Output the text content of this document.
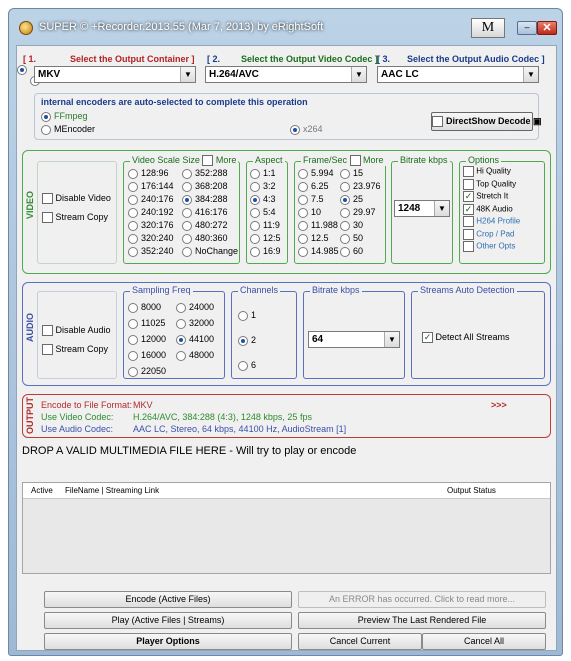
SUPER © +Recorder.2013.55 (Mar 7, 2013) by eRightSoft	M	–	✕
[ 1.	Select the Output Container ] [ 2. Select the Output Video Codec ] [ 3. Select the Output Audio Codec ]

MKV	▼	H.264/AVC	▼	AAC LC	▼
internal encoders are auto-selected to complete this operation
FFmpeg
MEncoder	x264
DirectShow Decode ▣
VIDEO	Disable Video
Stream Copy
Video Scale Size More
128:96	352:288
176:144	368:208
240:176	384:288
240:192	416:176
320:176	480:272
320:240	480:360
352:240	NoChange
Aspect
1:1
3:2
4:3
5:4
11:9
12:5
16:9
Frame/Sec More
5.994	15
6.25	23.976
7.5	25
10	29.97
11.988	30
12.5	50
14.985	60
Bitrate kbps
1248	▼
Options
Hi Quality
Top Quality
✓ Stretch It
✓ 48K Audio
H264 Profile
Crop / Pad
Other Opts
AUDIO	Disable Audio
Stream Copy
Sampling Freq
8000	24000
11025	32000
12000	44100
16000	48000
22050
Channels
1
2
6
Bitrate kbps
64	▼
Streams Auto Detection
✓ Detect All Streams
OUTPUT Encode to File Format: MKV	>>>
Use Video Codec: H.264/AVC, 384:288 (4:3), 1248 kbps, 25 fps
Use Audio Codec: AAC LC, Stereo, 64 kbps, 44100 Hz, AudioStream [1]
DROP A VALID MULTIMEDIA FILE HERE - Will try to play or encode
Active FileName | Streaming Link	Output Status
Encode (Active Files)	An ERROR has occurred. Click to read more...
Play (Active Files | Streams)	Preview The Last Rendered File
Player Options	Cancel Current	Cancel All
